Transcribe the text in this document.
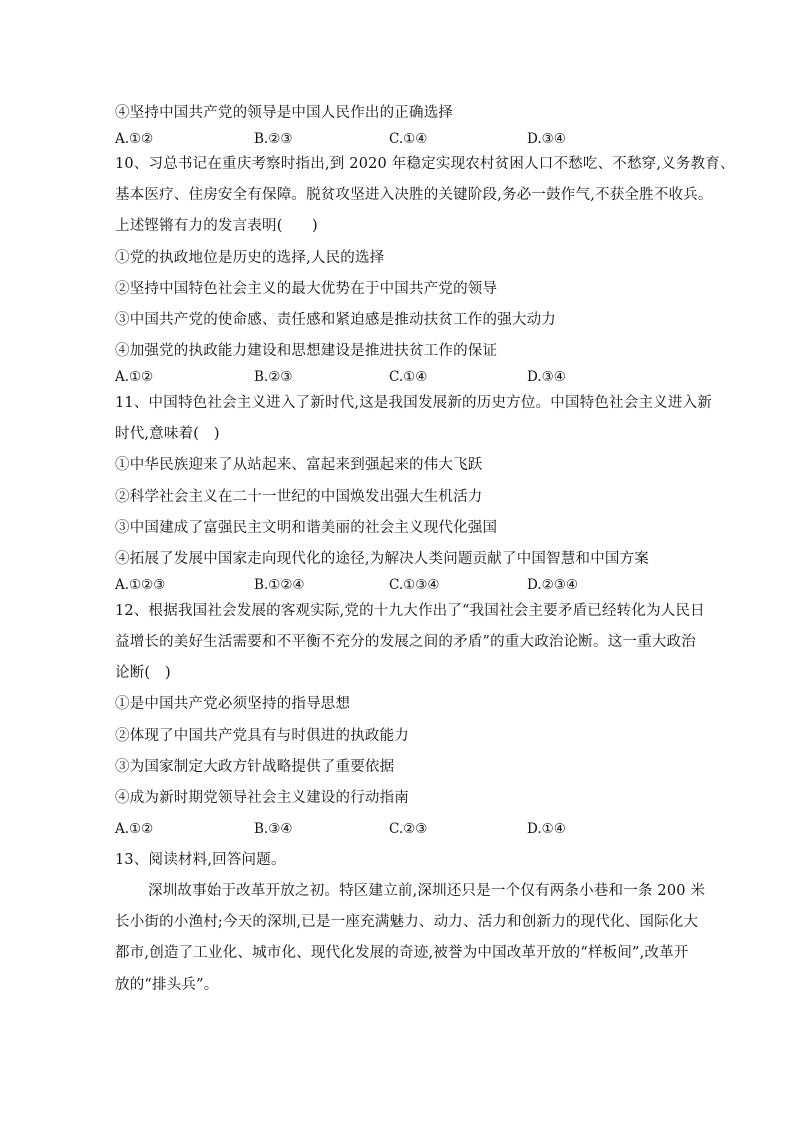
④坚持中国共产党的领导是中国人民作出的正确选择
A.①②	B.②③	C.①④	D.③④
10、习总书记在重庆考察时指出,到 2020 年稳定实现农村贫困人口不愁吃、不愁穿,义务教育、
基本医疗、住房安全有保障。脱贫攻坚进入决胜的关键阶段,务必一鼓作气,不获全胜不收兵。
上述铿锵有力的发言表明(　　)
①党的执政地位是历史的选择,人民的选择
②坚持中国特色社会主义的最大优势在于中国共产党的领导
③中国共产党的使命感、责任感和紧迫感是推动扶贫工作的强大动力
④加强党的执政能力建设和思想建设是推进扶贫工作的保证
A.①②	B.②③	C.①④	D.③④
11、中国特色社会主义进入了新时代,这是我国发展新的历史方位。中国特色社会主义进入新
时代,意味着(　)
①中华民族迎来了从站起来、富起来到强起来的伟大飞跃
②科学社会主义在二十一世纪的中国焕发出强大生机活力
③中国建成了富强民主文明和谐美丽的社会主义现代化强国
④拓展了发展中国家走向现代化的途径,为解决人类问题贡献了中国智慧和中国方案
A.①②③	B.①②④	C.①③④	D.②③④
12、根据我国社会发展的客观实际,党的十九大作出了“我国社会主要矛盾已经转化为人民日
益增长的美好生活需要和不平衡不充分的发展之间的矛盾”的重大政治论断。这一重大政治
论断(　)
①是中国共产党必须坚持的指导思想
②体现了中国共产党具有与时俱进的执政能力
③为国家制定大政方针战略提供了重要依据
④成为新时期党领导社会主义建设的行动指南
A.①②	B.③④	C.②③	D.①④
13、阅读材料,回答问题。
深圳故事始于改革开放之初。特区建立前,深圳还只是一个仅有两条小巷和一条 200 米
长小街的小渔村;今天的深圳,已是一座充满魅力、动力、活力和创新力的现代化、国际化大
都市,创造了工业化、城市化、现代化发展的奇迹,被誉为中国改革开放的“样板间”,改革开
放的“排头兵”。
